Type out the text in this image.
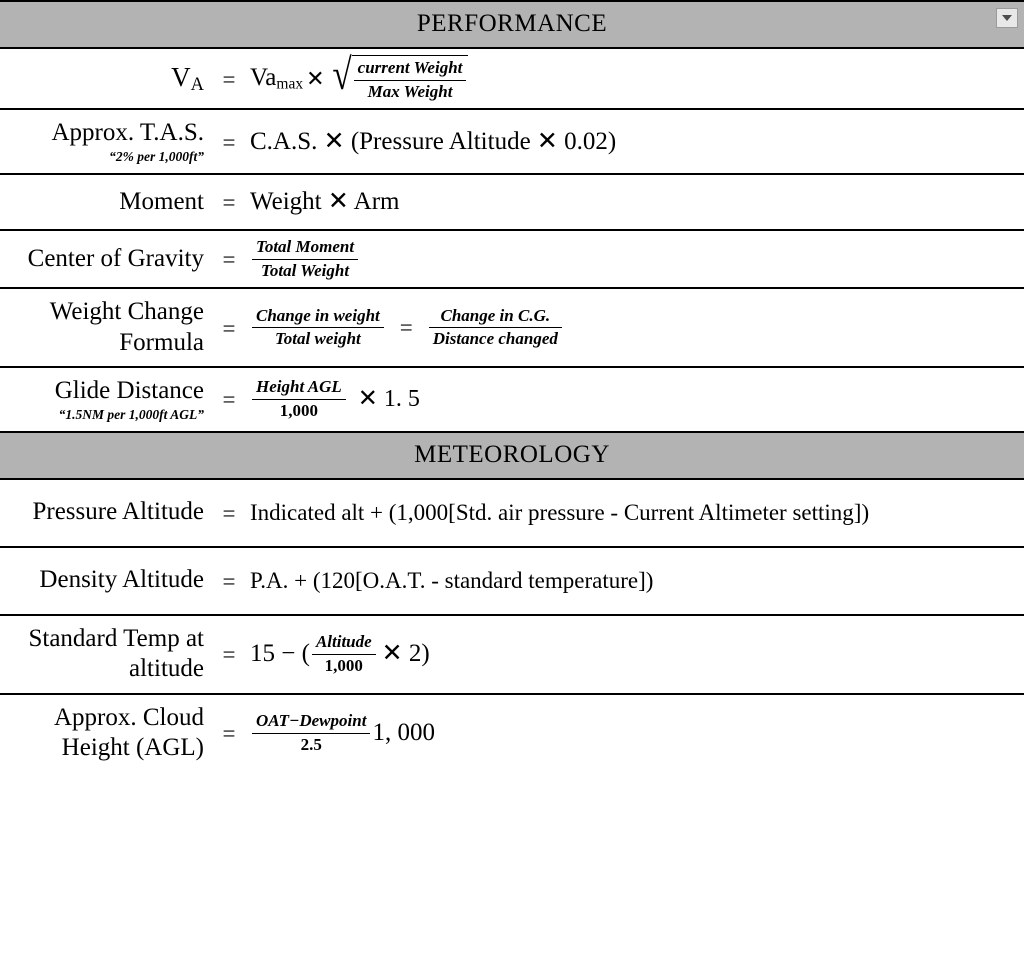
PERFORMANCE
$V_A = Va_{max}$ ✕ √ $\frac{\text{current Weight}}{\text{Max Weight}}$
Approx. T.A.S.
“2% per 1,000ft”
= C.A.S. ✕ (Pressure Altitude ✕ 0.02)
Moment = Weight ✕ Arm
Center of Gravity = $\frac{\text{Total Moment}}{\text{Total Weight}}$
Weight Change Formula
= $\frac{\text{Change in weight}}{\text{Total weight}} = \frac{\text{Change in C.G.}}{\text{Distance changed}}$
Glide Distance
“1.5NM per 1,000ft AGL”
= $\frac{\text{Height AGL}}{1,000}$ ✕ 1. 5
METEOROLOGY
Pressure Altitude = Indicated alt + (1,000[Std. air pressure - Current Altimeter setting])
Density Altitude = P.A. + (120[O.A.T. - standard temperature])
Standard Temp at altitude
= 15 − ( $\frac{\text{Altitude}}{1,000}$ ✕ 2)
Approx. Cloud Height (AGL)
= $\frac{\text{OAT−Dewpoint}}{2.5} 1$, 000
